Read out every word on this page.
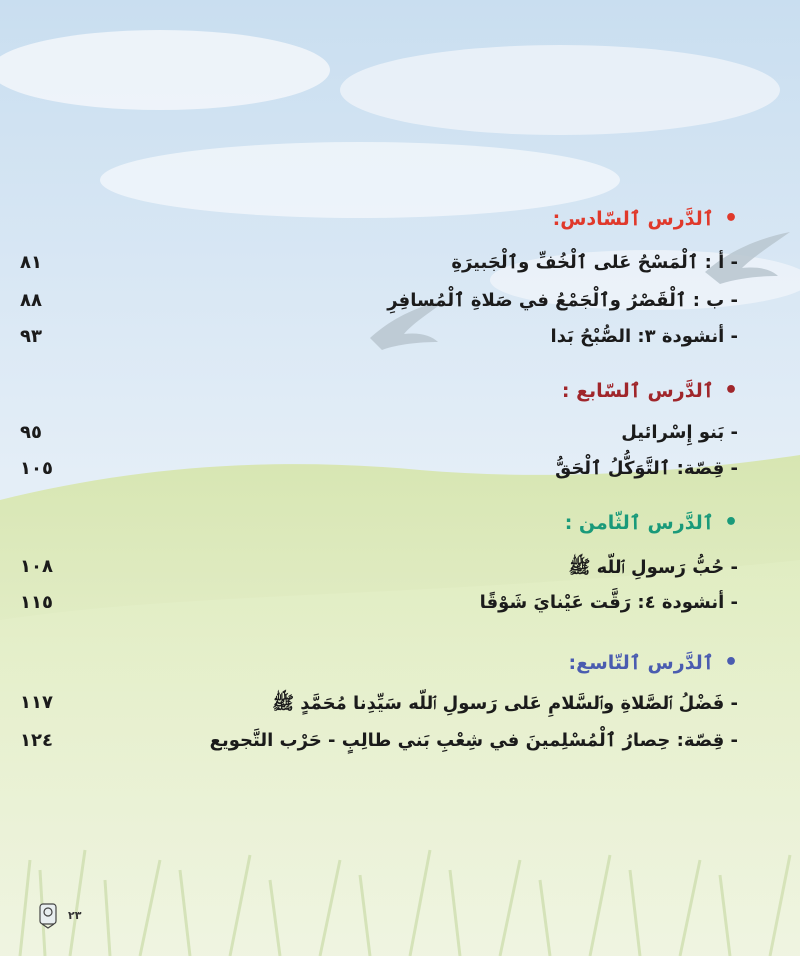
•
ٱلدَّرس ٱلسّادس:
- أ : ٱلْمَسْحُ عَلى ٱلْخُفِّ وٱلْجَبيرَةِ
٨١
- ب : ٱلْقَصْرُ وٱلْجَمْعُ في صَلاةِ ٱلْمُسافِرِ
٨٨
- أنشودة ٣: الصُّبْحُ بَدا
٩٣
•
ٱلدَّرس ٱلسّابع :
- بَنو إِسْرائيل
٩٥
- قِصّة: ٱلتَّوَكُّلُ ٱلْحَقُّ
١٠٥
•
ٱلدَّرس ٱلثّامن :
- حُبُّ رَسولِ ٱللّه ﷺ
١٠٨
- أنشودة ٤: رَقَّت عَيْنايَ شَوْقًا
١١٥
•
ٱلدَّرس ٱلتّاسع:
- فَضْلُ ٱلصَّلاةِ وٱلسَّلامِ عَلى رَسولِ ٱللّه سَيِّدِنا مُحَمَّدٍ ﷺ
١١٧
- قِصّة: حِصارُ ٱلْمُسْلِمينَ في شِعْبِ بَني طالِبٍ - حَرْب التَّجويع
١٢٤
٢٣
